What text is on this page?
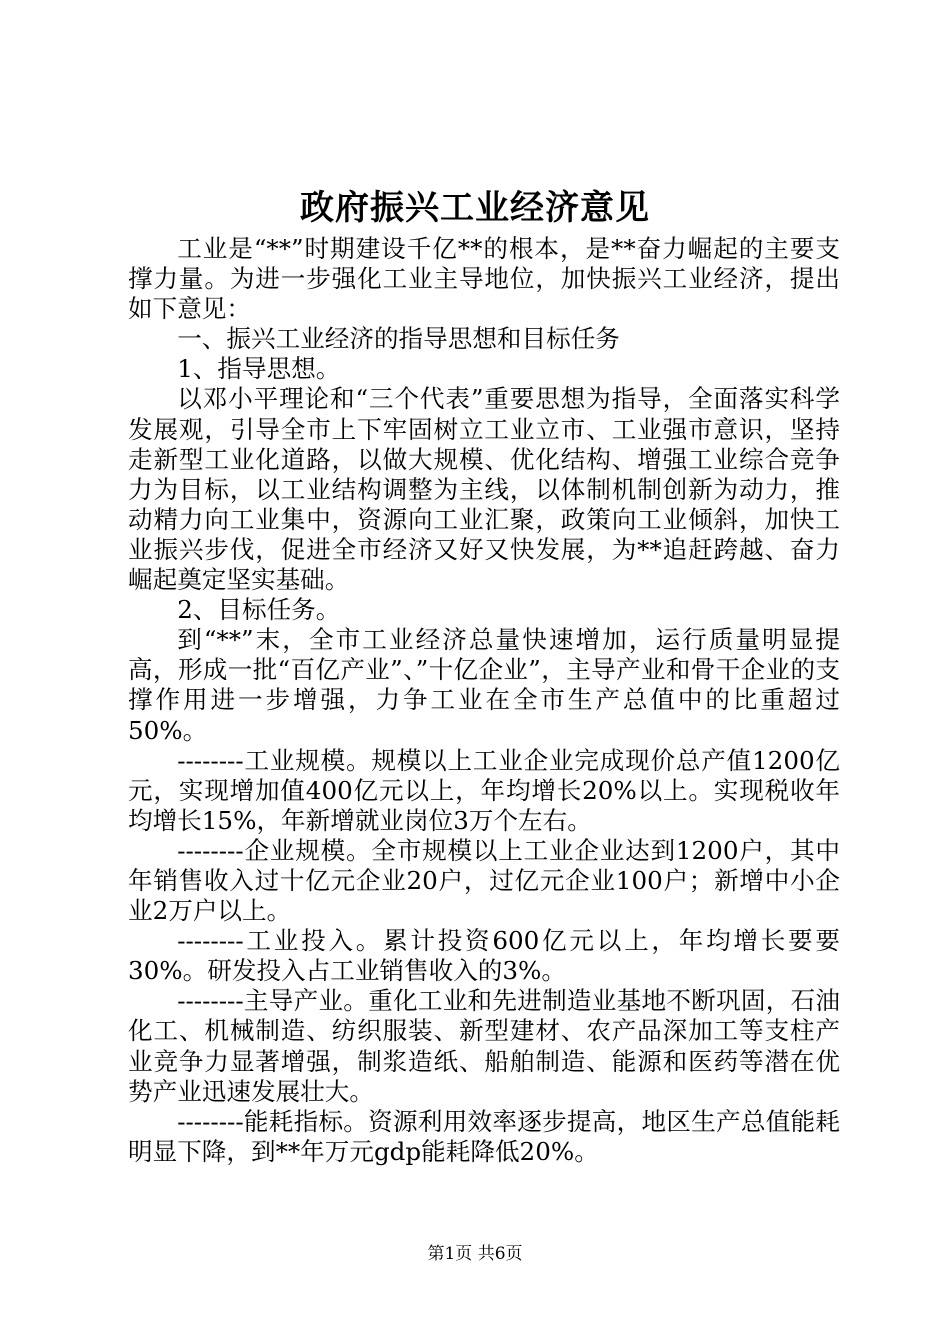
政府振兴工业经济意见

工业是“**”时期建设千亿**的根本，是**奋力崛起的主要支撑力量。为进一步强化工业主导地位，加快振兴工业经济，提出如下意见：

一、振兴工业经济的指导思想和目标任务

1、指导思想。

以邓小平理论和“三个代表”重要思想为指导，全面落实科学发展观，引导全市上下牢固树立工业立市、工业强市意识，坚持走新型工业化道路，以做大规模、优化结构、增强工业综合竞争力为目标，以工业结构调整为主线，以体制机制创新为动力，推动精力向工业集中，资源向工业汇聚，政策向工业倾斜，加快工业振兴步伐，促进全市经济又好又快发展，为**追赶跨越、奋力崛起奠定坚实基础。

2、目标任务。

到“**”末，全市工业经济总量快速增加，运行质量明显提高，形成一批“百亿产业”、”十亿企业”，主导产业和骨干企业的支撑作用进一步增强，力争工业在全市生产总值中的比重超过50%。

--------工业规模。规模以上工业企业完成现价总产值1200亿元，实现增加值400亿元以上，年均增长20%以上。实现税收年均增长15%，年新增就业岗位3万个左右。

--------企业规模。全市规模以上工业企业达到1200户，其中年销售收入过十亿元企业20户，过亿元企业100户；新增中小企业2万户以上。

--------工业投入。累计投资600亿元以上，年均增长要要30%。研发投入占工业销售收入的3%。

--------主导产业。重化工业和先进制造业基地不断巩固，石油化工、机械制造、纺织服装、新型建材、农产品深加工等支柱产业竞争力显著增强，制浆造纸、船舶制造、能源和医药等潜在优势产业迅速发展壮大。

--------能耗指标。资源利用效率逐步提高，地区生产总值能耗明显下降，到**年万元gdp能耗降低20%。

第1页 共6页
